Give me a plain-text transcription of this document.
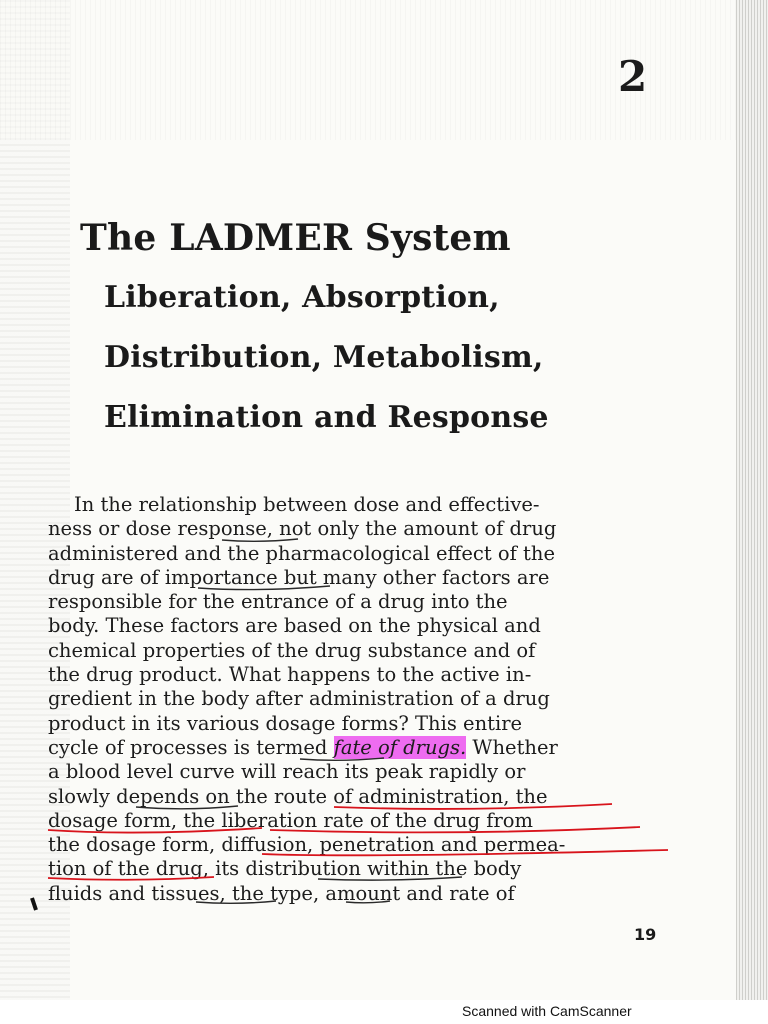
2
The LADMER System
Liberation, Absorption,
Distribution, Metabolism,
Elimination and Response

In the relationship between dose and effective-
ness or dose response, not only the amount of drug
administered and the pharmacological effect of the
drug are of importance but many other factors are
responsible for the entrance of a drug into the
body. These factors are based on the physical and
chemical properties of the drug substance and of
the drug product. What happens to the active in-
gredient in the body after administration of a drug
product in its various dosage forms? This entire
cycle of processes is termed fate of drugs. Whether
a blood level curve will reach its peak rapidly or
slowly depends on the route of administration, the
dosage form, the liberation rate of the drug from
the dosage form, diffusion, penetration and permea-
tion of the drug, its distribution within the body
fluids and tissues, the type, amount and rate of

19
Scanned with CamScanner
